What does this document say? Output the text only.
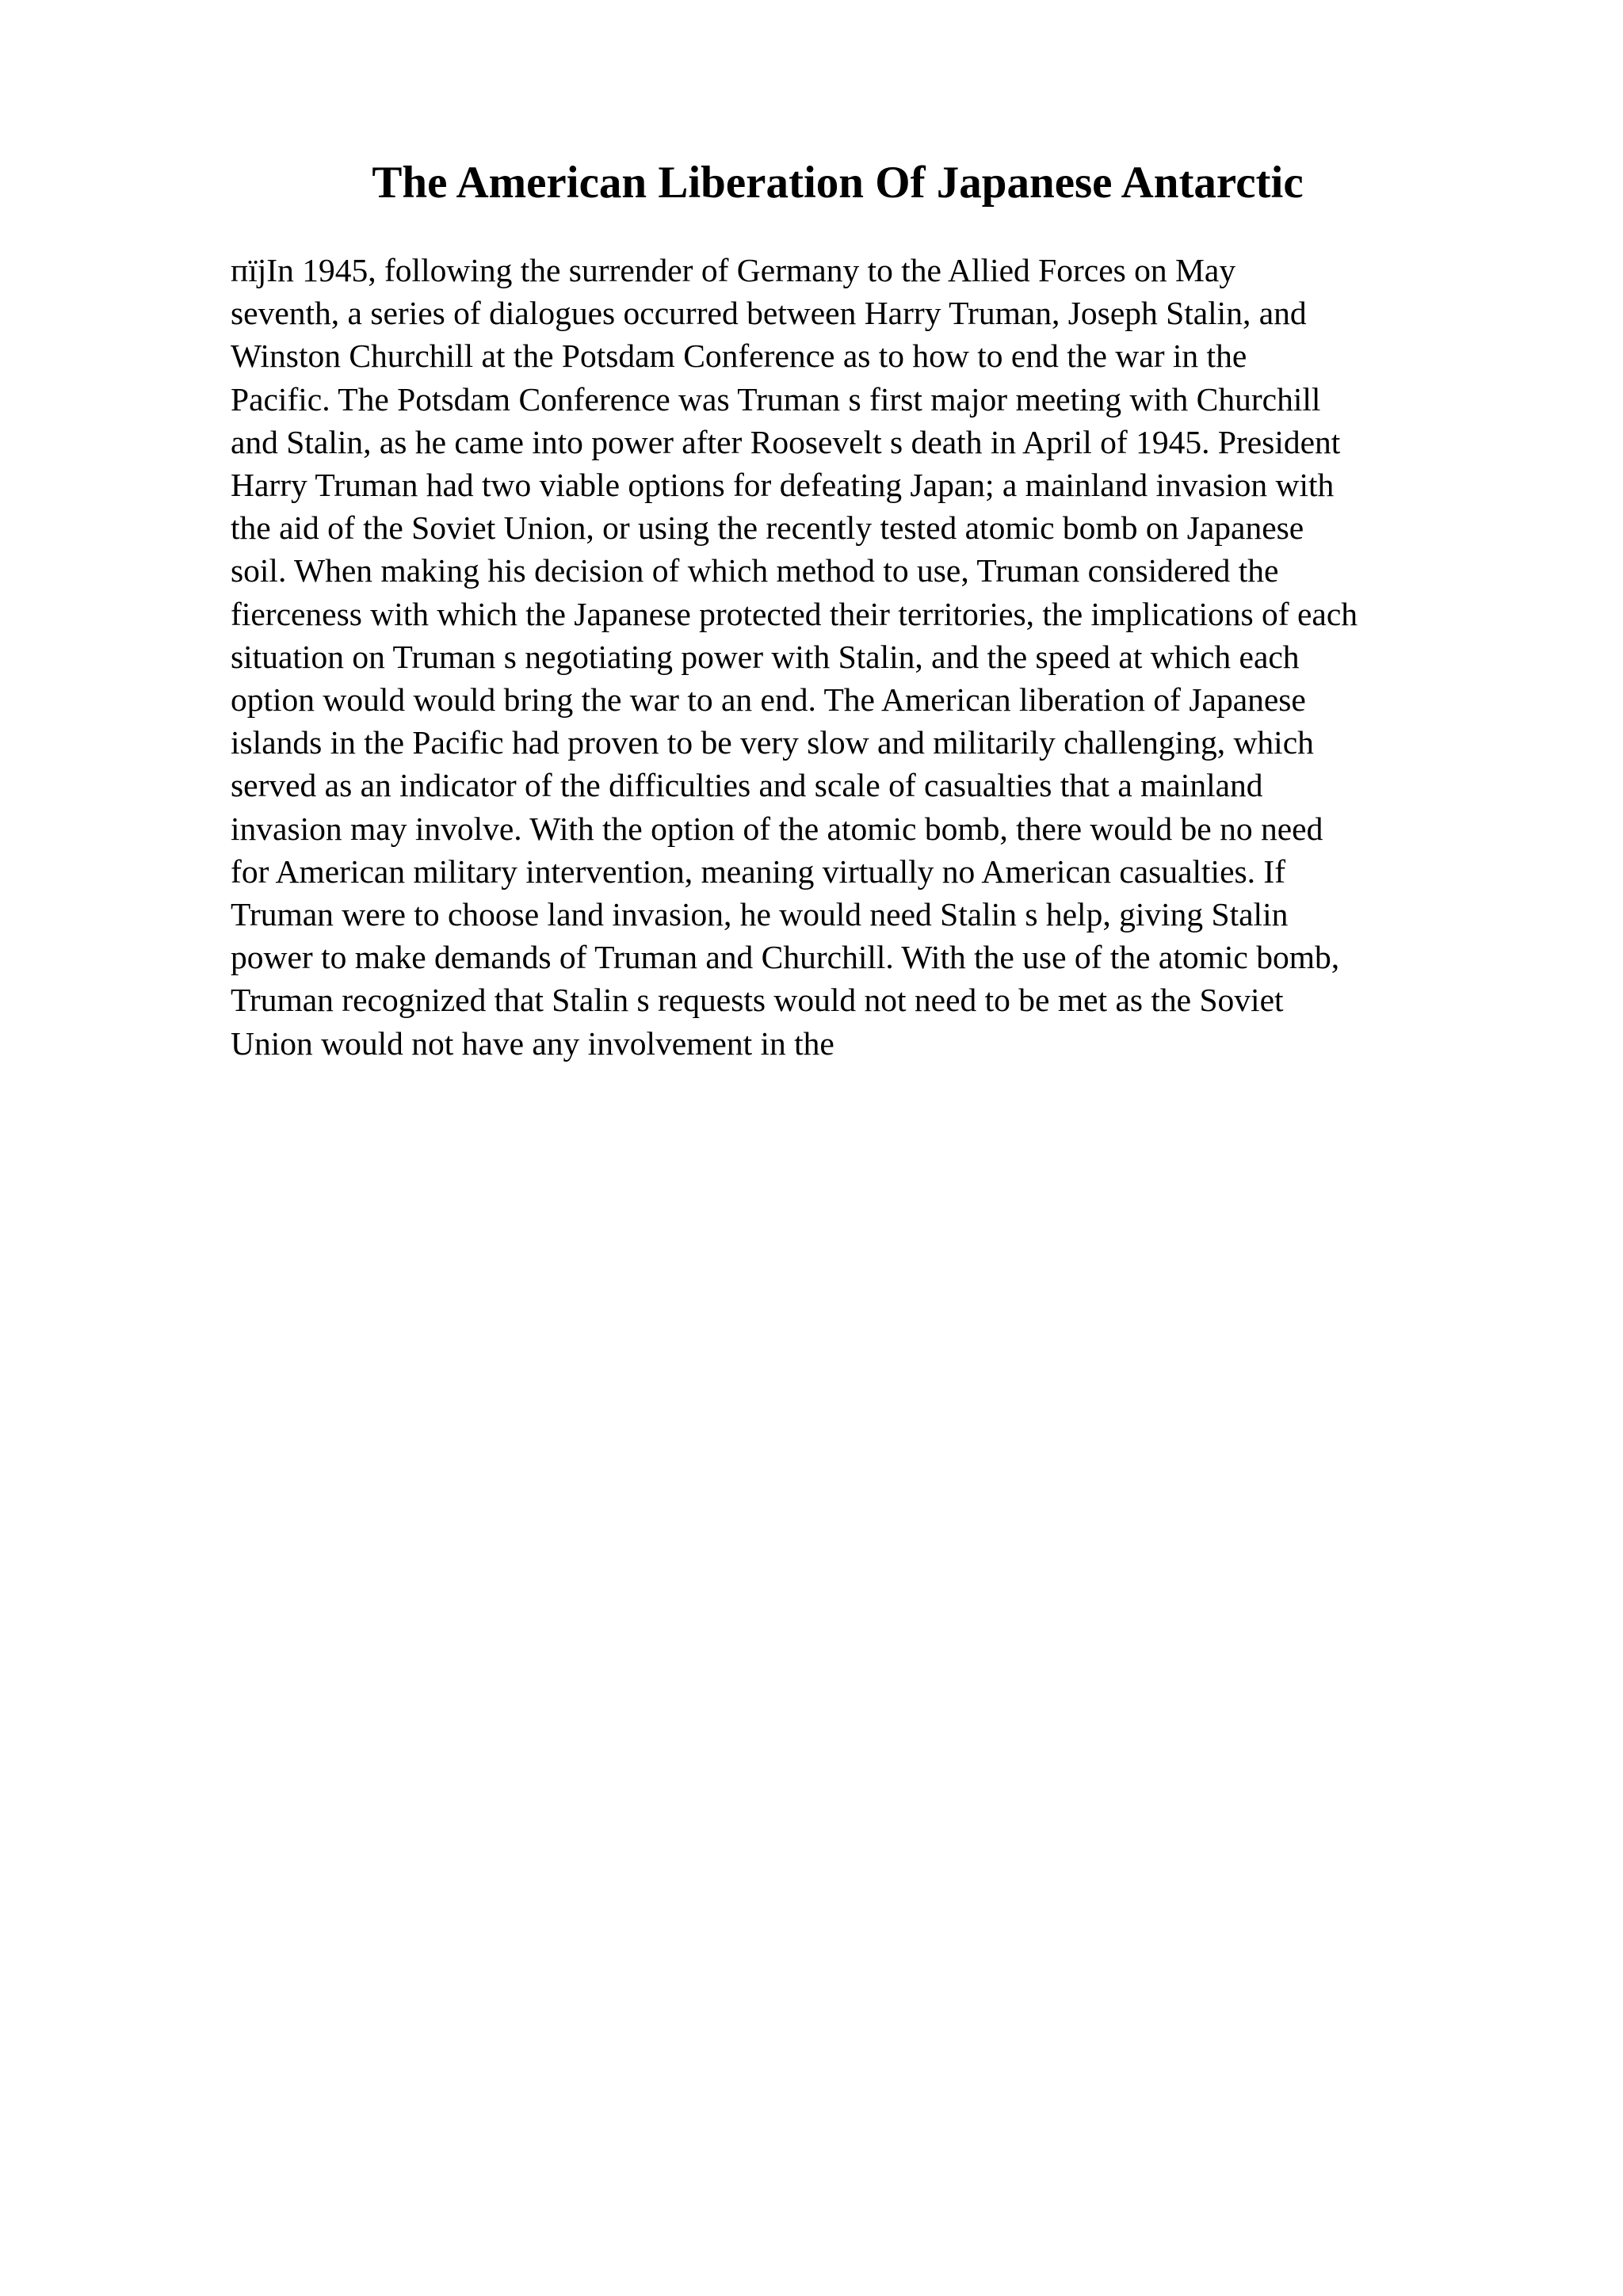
The American Liberation Of Japanese Antarctic
пїјIn 1945, following the surrender of Germany to the Allied Forces on May
seventh, a series of dialogues occurred between Harry Truman, Joseph Stalin, and
Winston Churchill at the Potsdam Conference as to how to end the war in the
Pacific. The Potsdam Conference was Truman s first major meeting with Churchill
and Stalin, as he came into power after Roosevelt s death in April of 1945. President
Harry Truman had two viable options for defeating Japan; a mainland invasion with
the aid of the Soviet Union, or using the recently tested atomic bomb on Japanese
soil. When making his decision of which method to use, Truman considered the
fierceness with which the Japanese protected their territories, the implications of each
situation on Truman s negotiating power with Stalin, and the speed at which each
option would would bring the war to an end. The American liberation of Japanese
islands in the Pacific had proven to be very slow and militarily challenging, which
served as an indicator of the difficulties and scale of casualties that a mainland
invasion may involve. With the option of the atomic bomb, there would be no need
for American military intervention, meaning virtually no American casualties. If
Truman were to choose land invasion, he would need Stalin s help, giving Stalin
power to make demands of Truman and Churchill. With the use of the atomic bomb,
Truman recognized that Stalin s requests would not need to be met as the Soviet
Union would not have any involvement in the
